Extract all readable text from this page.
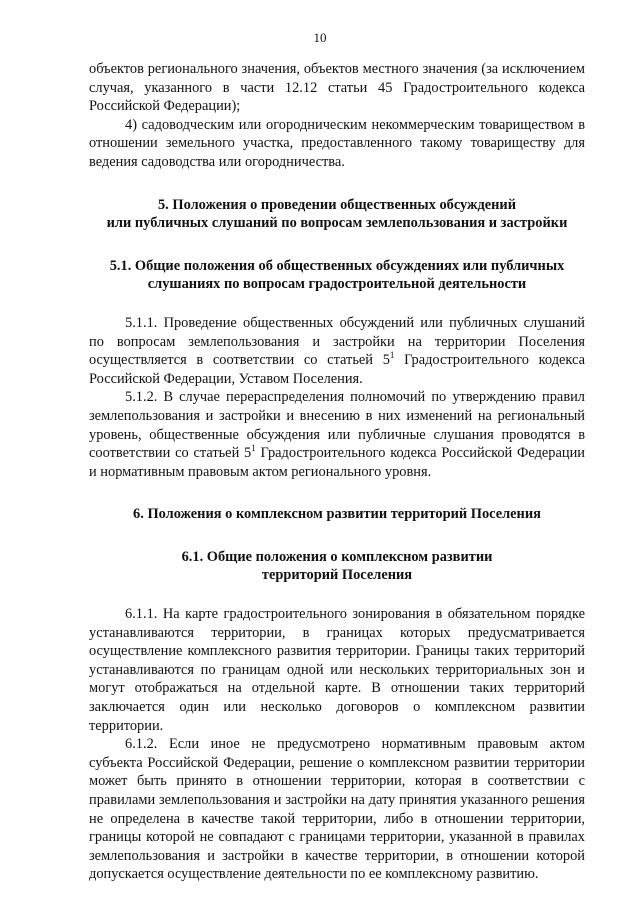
10

объектов регионального значения, объектов местного значения (за исключением случая, указанного в части 12.12 статьи 45 Градостроительного кодекса Российской Федерации);

4) садоводческим или огородническим некоммерческим товариществом в отношении земельного участка, предоставленного такому товариществу для ведения садоводства или огородничества.

5. Положения о проведении общественных обсуждений
или публичных слушаний по вопросам землепользования и застройки
5.1. Общие положения об общественных обсуждениях или публичных
слушаниях по вопросам градостроительной деятельности

5.1.1. Проведение общественных обсуждений или публичных слушаний по вопросам землепользования и застройки на территории Поселения осуществляется в соответствии со статьей $5^1$ Градостроительного кодекса Российской Федерации, Уставом Поселения.

5.1.2. В случае перераспределения полномочий по утверждению правил землепользования и застройки и внесению в них изменений на региональный уровень, общественные обсуждения или публичные слушания проводятся в соответствии со статьей $5^1$ Градостроительного кодекса Российской Федерации и нормативным правовым актом регионального уровня.

6. Положения о комплексном развитии территорий Поселения
6.1. Общие положения о комплексном развитии
территорий Поселения

6.1.1. На карте градостроительного зонирования в обязательном порядке устанавливаются территории, в границах которых предусматривается осуществление комплексного развития территории. Границы таких территорий устанавливаются по границам одной или нескольких территориальных зон и могут отображаться на отдельной карте. В отношении таких территорий заключается один или несколько договоров о комплексном развитии территории.

6.1.2. Если иное не предусмотрено нормативным правовым актом субъекта Российской Федерации, решение о комплексном развитии территории может быть принято в отношении территории, которая в соответствии с правилами землепользования и застройки на дату принятия указанного решения не определена в качестве такой территории, либо в отношении территории, границы которой не совпадают с границами территории, указанной в правилах землепользования и застройки в качестве территории, в отношении которой допускается осуществление деятельности по ее комплексному развитию.
